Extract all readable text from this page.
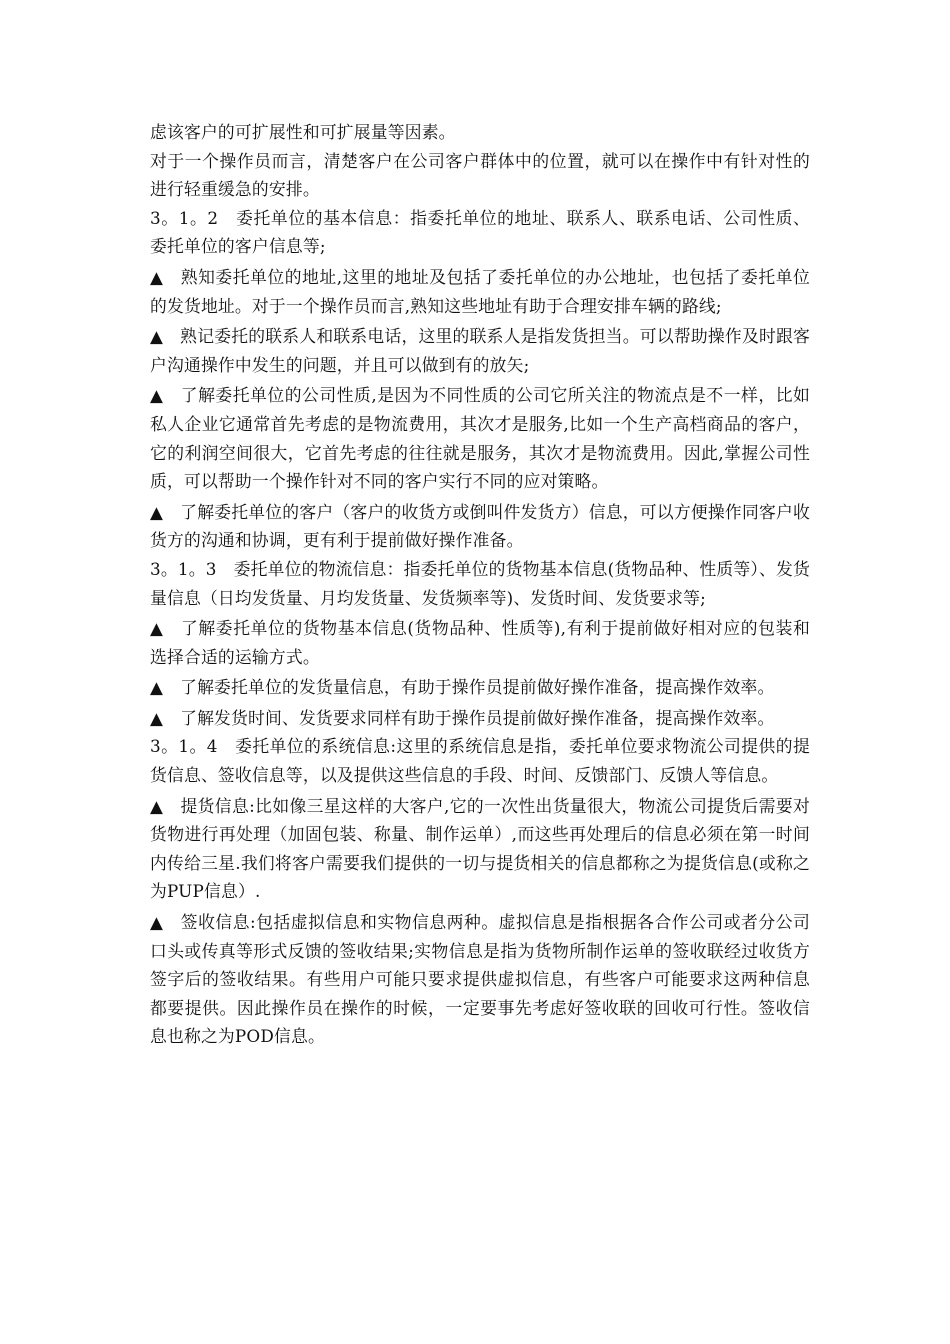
虑该客户的可扩展性和可扩展量等因素。

对于一个操作员而言，清楚客户在公司客户群体中的位置，就可以在操作中有针对性的进行轻重缓急的安排。

3。1。2　委托单位的基本信息：指委托单位的地址、联系人、联系电话、公司性质、委托单位的客户信息等;

▲　熟知委托单位的地址,这里的地址及包括了委托单位的办公地址，也包括了委托单位的发货地址。对于一个操作员而言,熟知这些地址有助于合理安排车辆的路线;

▲　熟记委托的联系人和联系电话，这里的联系人是指发货担当。可以帮助操作及时跟客户沟通操作中发生的问题，并且可以做到有的放矢;

▲　了解委托单位的公司性质,是因为不同性质的公司它所关注的物流点是不一样，比如私人企业它通常首先考虑的是物流费用，其次才是服务,比如一个生产高档商品的客户，它的利润空间很大，它首先考虑的往往就是服务，其次才是物流费用。因此,掌握公司性质，可以帮助一个操作针对不同的客户实行不同的应对策略。

▲　了解委托单位的客户（客户的收货方或倒叫件发货方）信息，可以方便操作同客户收货方的沟通和协调，更有利于提前做好操作准备。

3。1。3　委托单位的物流信息：指委托单位的货物基本信息(货物品种、性质等）、发货量信息（日均发货量、月均发货量、发货频率等)、发货时间、发货要求等;

▲　了解委托单位的货物基本信息(货物品种、性质等),有利于提前做好相对应的包装和选择合适的运输方式。

▲　了解委托单位的发货量信息，有助于操作员提前做好操作准备，提高操作效率。

▲　了解发货时间、发货要求同样有助于操作员提前做好操作准备，提高操作效率。

3。1。4　委托单位的系统信息:这里的系统信息是指，委托单位要求物流公司提供的提货信息、签收信息等，以及提供这些信息的手段、时间、反馈部门、反馈人等信息。

▲　提货信息:比如像三星这样的大客户,它的一次性出货量很大，物流公司提货后需要对货物进行再处理（加固包装、称量、制作运单）,而这些再处理后的信息必须在第一时间内传给三星.我们将客户需要我们提供的一切与提货相关的信息都称之为提货信息(或称之为PUP信息）.

▲　签收信息:包括虚拟信息和实物信息两种。虚拟信息是指根据各合作公司或者分公司口头或传真等形式反馈的签收结果;实物信息是指为货物所制作运单的签收联经过收货方签字后的签收结果。有些用户可能只要求提供虚拟信息，有些客户可能要求这两种信息都要提供。因此操作员在操作的时候，一定要事先考虑好签收联的回收可行性。签收信息也称之为POD信息。
